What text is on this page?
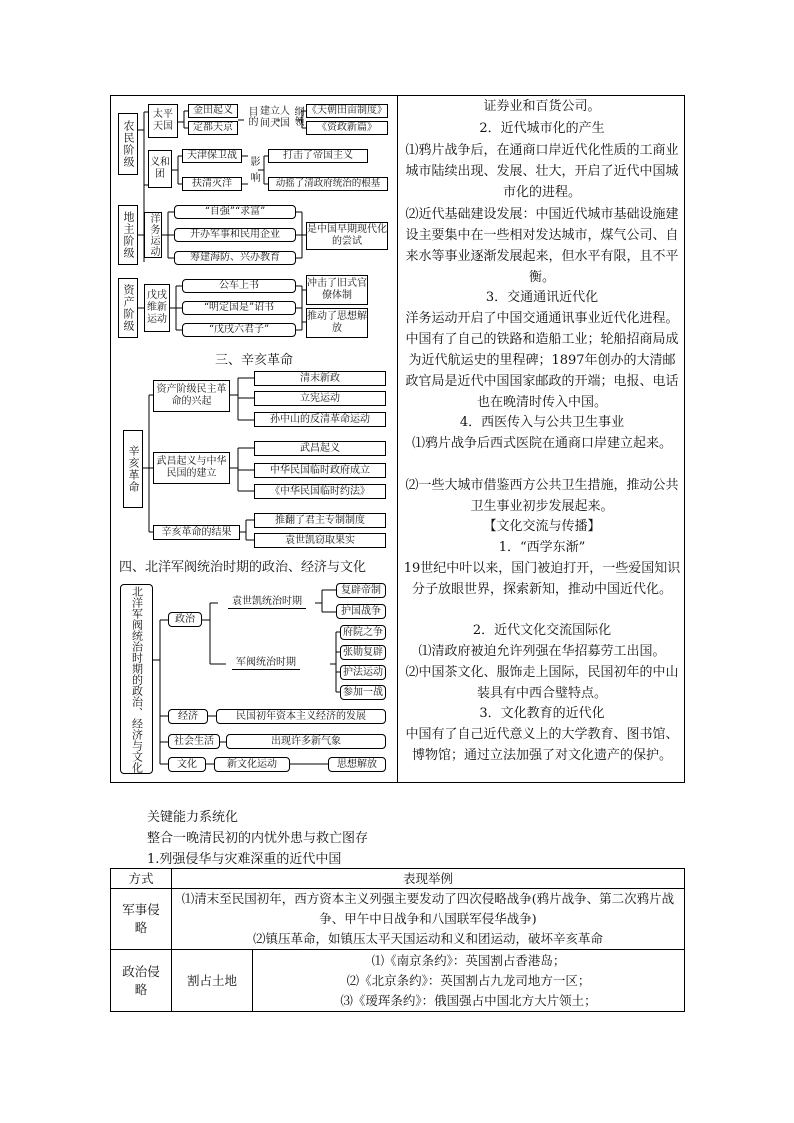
农民阶级
太平天国
金田起义
定都天京
目的 建立人间天国 纲领 《天朝田亩制度》
《资政新篇》
义和团
天津保卫战
扶清灭洋	影响
打击了帝国主义
动摇了清政府统治的根基
地主阶级	洋务运动
“自强”“求富”
开办军事和民用企业
筹建海防、兴办教育
是中国早期现代化的尝试
资产阶级	戊戌维新运动
公车上书
“明定国是”诏书
“戊戌六君子”
冲击了旧式官僚体制
推动了思想解放
三、辛亥革命
辛亥革命
资产阶级民主革命的兴起
清末新政
立宪运动
孙中山的反清革命运动
武昌起义与中华民国的建立
武昌起义
中华民国临时政府成立
《中华民国临时约法》
辛亥革命的结果
推翻了君主专制制度
袁世凯窃取果实
四、北洋军阀统治时期的政治、经济与文化
北洋军阀统治时期的政治、经济与文化	政治
袁世凯统治时期
复辟帝制
护国战争
军阀统治时期
府院之争
张勋复辟
护法运动
参加一战
经济	民国初年资本主义经济的发展
社会生活	出现许多新气象
文化	新文化运动	思想解放
证券业和百货公司。
2．近代城市化的产生
⑴鸦片战争后，在通商口岸近代化性质的工商业城市陆续出现、发展、壮大，开启了近代中国城市化的进程。
⑵近代基础建设发展：中国近代城市基础设施建设主要集中在一些相对发达城市，煤气公司、自来水等事业逐渐发展起来，但水平有限，且不平衡。
3．交通通讯近代化
洋务运动开启了中国交通通讯事业近代化进程。中国有了自己的铁路和造船工业；轮船招商局成为近代航运史的里程碑；1897年创办的大清邮政官局是近代中国国家邮政的开端；电报、电话也在晚清时传入中国。
4．西医传入与公共卫生事业
⑴鸦片战争后西式医院在通商口岸建立起来。
⑵一些大城市借鉴西方公共卫生措施，推动公共卫生事业初步发展起来。
【文化交流与传播】
1．“西学东渐”
19世纪中叶以来，国门被迫打开，一些爱国知识分子放眼世界，探索新知，推动中国近代化。
2．近代文化交流国际化
⑴清政府被迫允许列强在华招募劳工出国。
⑵中国茶文化、服饰走上国际，民国初年的中山装具有中西合璧特点。
3．文化教育的近代化
中国有了自己近代意义上的大学教育、图书馆、博物馆；通过立法加强了对文化遗产的保护。
关键能力系统化
整合一晚清民初的内忧外患与救亡图存
1.列强侵华与灾难深重的近代中国
方式	表现举例	
军事侵略	⑴清末至民国初年，西方资本主义列强主要发动了四次侵略战争(鸦片战争、第二次鸦片战争、甲午中日战争和八国联军侵华战争)
⑵镇压革命，如镇压太平天国运动和义和团运动，破坏辛亥革命	

政治侵略	割占土地	⑴《南京条约》：英国割占香港岛；
⑵《北京条约》：英国割占九龙司地方一区；
⑶《瑷珲条约》：俄国强占中国北方大片领土；
